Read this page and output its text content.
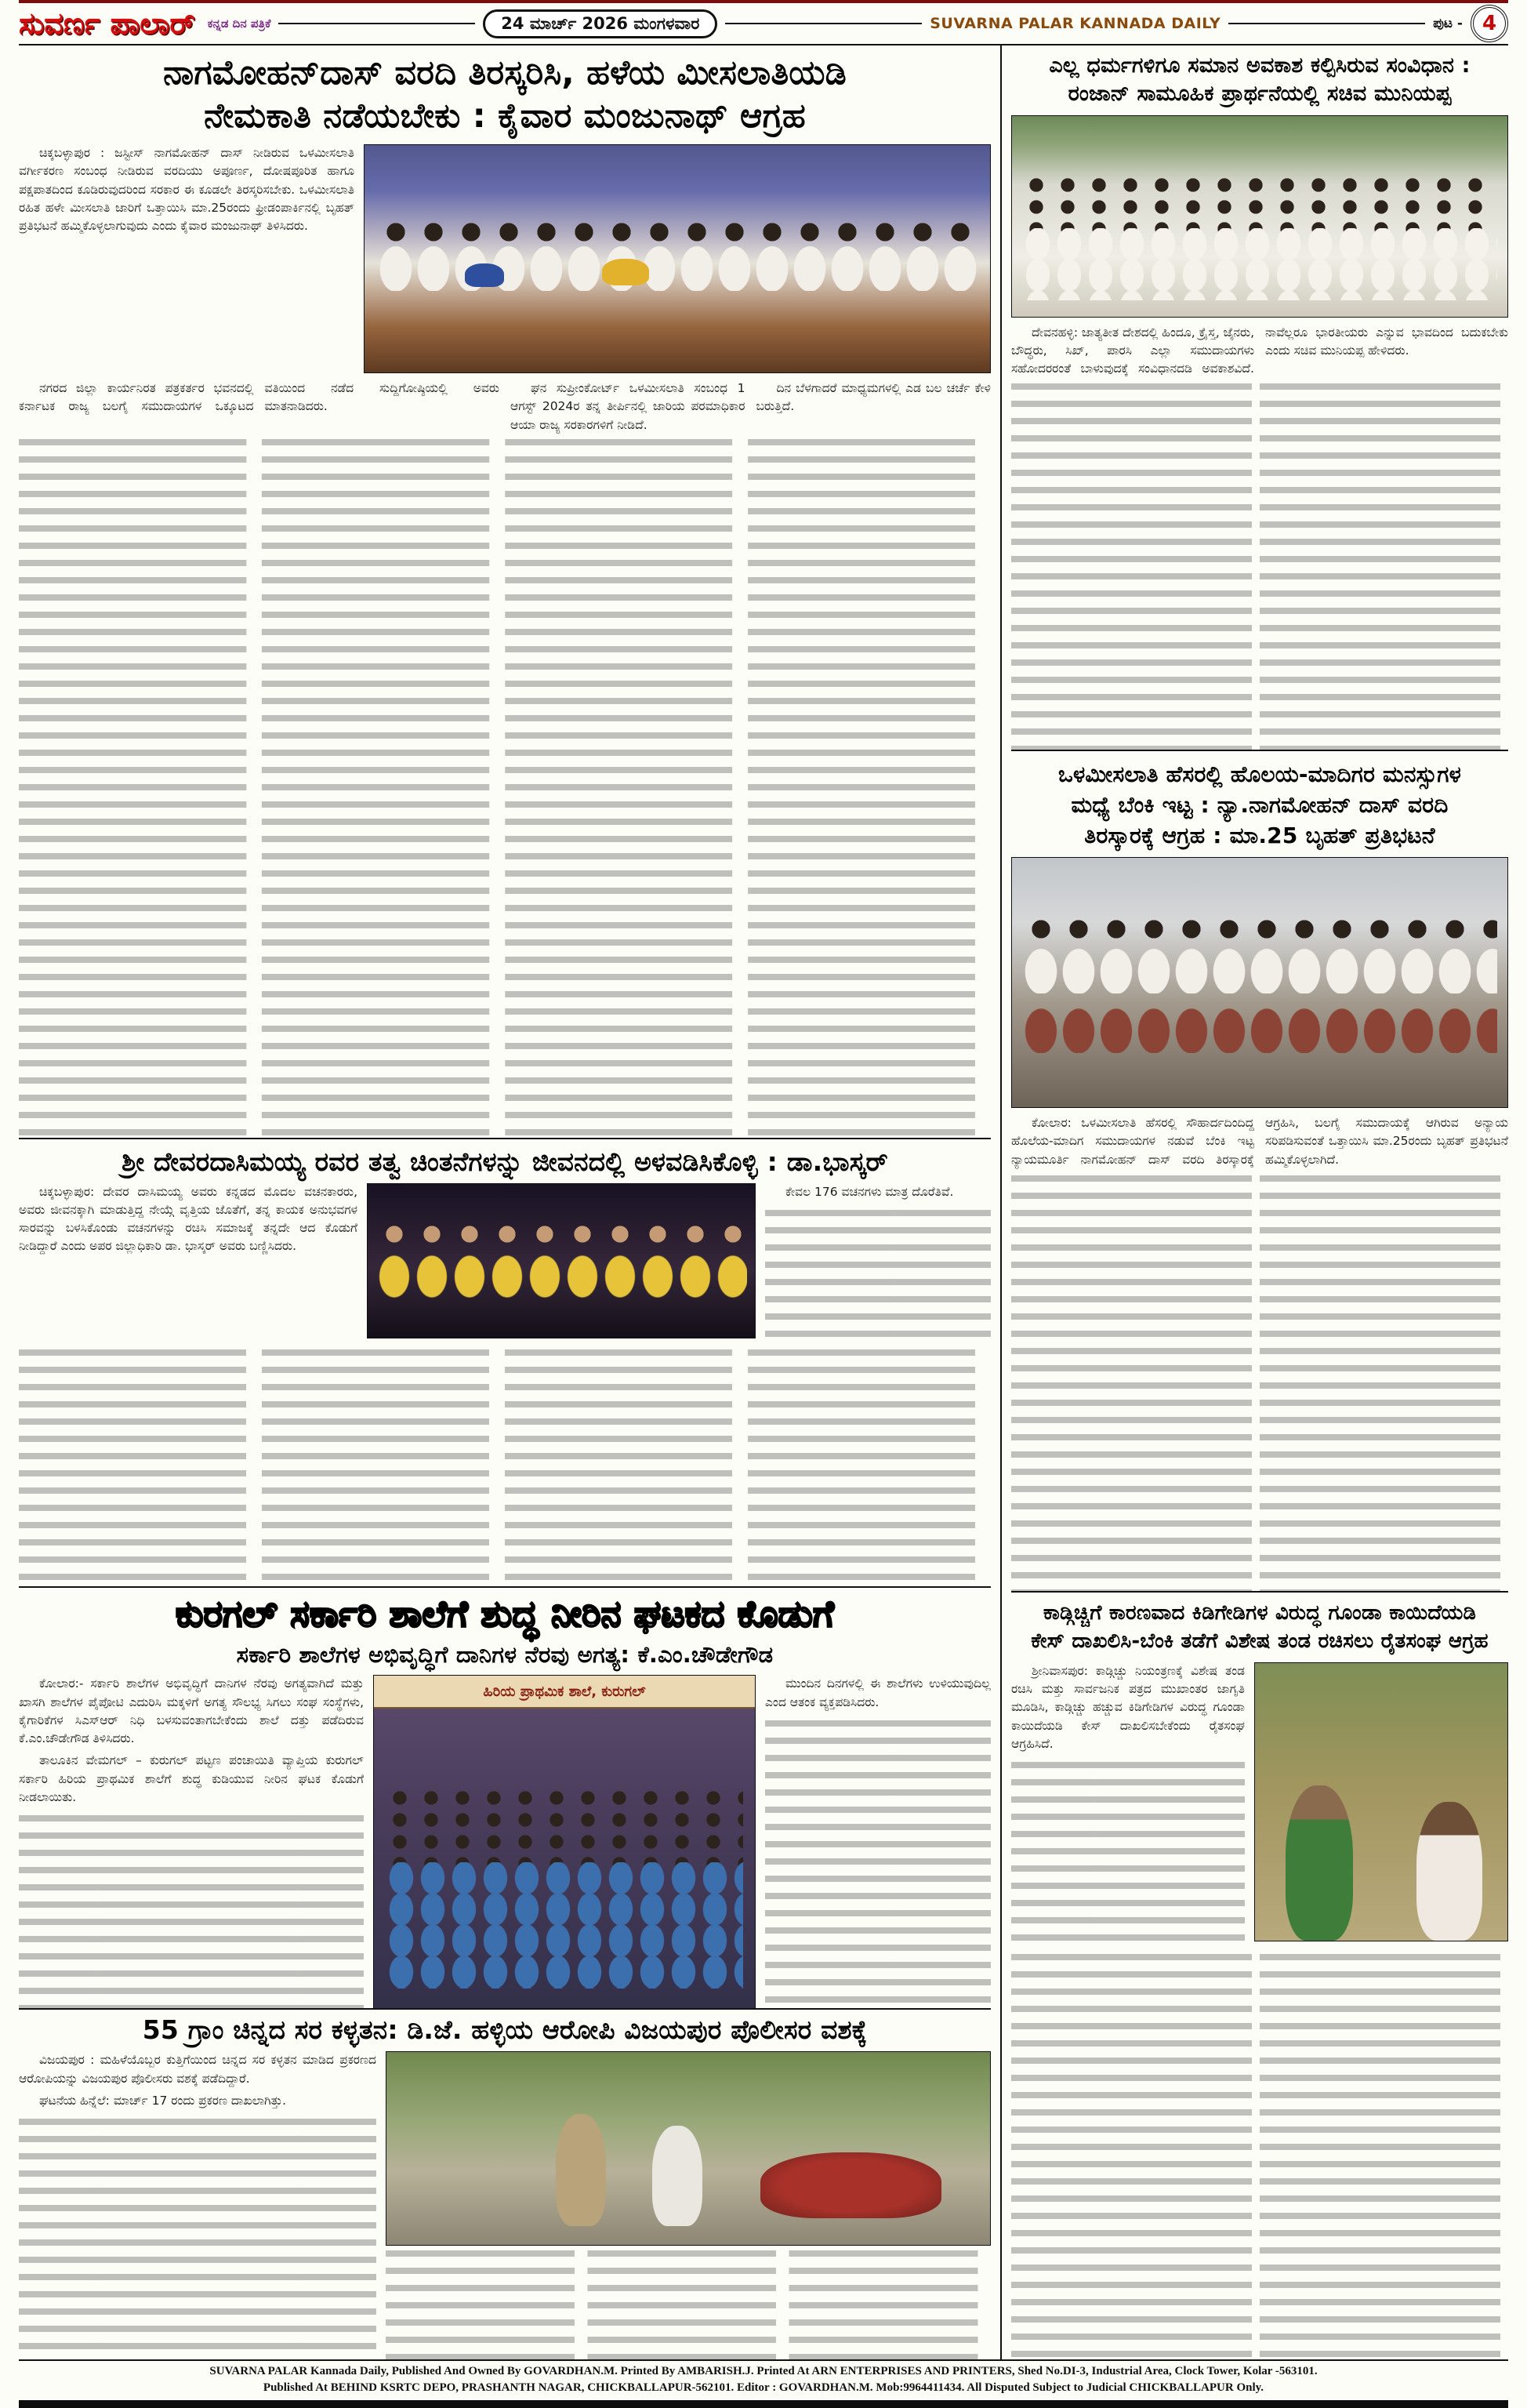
ಸುವರ್ಣ ಪಾಲಾರ್ ಕನ್ನಡ ದಿನ ಪತ್ರಿಕೆ	24 ಮಾರ್ಚ್ 2026 ಮಂಗಳವಾರ	SUVARNA PALAR KANNADA DAILY	ಪುಟ - 4
ನಾಗಮೋಹನ್‌ದಾಸ್ ವರದಿ ತಿರಸ್ಕರಿಸಿ, ಹಳೆಯ ಮೀಸಲಾತಿಯಡಿ
ನೇಮಕಾತಿ ನಡೆಯಬೇಕು : ಕೈವಾರ ಮಂಜುನಾಥ್ ಆಗ್ರಹ

ಚಿಕ್ಕಬಳ್ಳಾಪುರ : ಜಸ್ಟೀಸ್ ನಾಗಮೋಹನ್ ದಾಸ್ ನೀಡಿರುವ ಒಳಮೀಸಲಾತಿ ವರ್ಗೀಕರಣ ಸಂಬಂಧ ನೀಡಿರುವ ವರದಿಯು ಅಪೂರ್ಣ, ದೋಷಪೂರಿತ ಹಾಗೂ ಪಕ್ಷಪಾತದಿಂದ ಕೂಡಿರುವುದರಿಂದ ಸರಕಾರ ಈ ಕೂಡಲೇ ತಿರಸ್ಕರಿಸಬೇಕು. ಒಳಮೀಸಲಾತಿ ರಹಿತ ಹಳೇ ಮೀಸಲಾತಿ ಜಾರಿಗೆ ಒತ್ತಾಯಿಸಿ ಮಾ.25ರಂದು ಫ್ರೀಡಂಪಾರ್ಕಿನಲ್ಲಿ ಬೃಹತ್ ಪ್ರತಿಭಟನೆ ಹಮ್ಮಿಕೊಳ್ಳಲಾಗುವುದು ಎಂದು ಕೈವಾರ ಮಂಜುನಾಥ್ ತಿಳಿಸಿದರು.

ನಗರದ ಜಿಲ್ಲಾ ಕಾರ್ಯನಿರತ ಪತ್ರಕರ್ತರ ಭವನದಲ್ಲಿ ಕರ್ನಾಟಕ ರಾಜ್ಯ ಬಲಗೈ ಸಮುದಾಯಗಳ ಒಕ್ಕೂಟದ ವತಿಯಿಂದ ನಡೆದ ಸುದ್ದಿಗೋಷ್ಠಿಯಲ್ಲಿ ಅವರು ಮಾತನಾಡಿದರು.

ಘನ ಸುಪ್ರೀಂಕೋರ್ಟ್ ಒಳಮೀಸಲಾತಿ ಸಂಬಂಧ 1 ಆಗಸ್ಟ್ 2024ರ ತನ್ನ ತೀರ್ಪಿನಲ್ಲಿ ಜಾರಿಯ ಪರಮಾಧಿಕಾರ ಆಯಾ ರಾಜ್ಯ ಸರಕಾರಗಳಿಗೆ ನೀಡಿದೆ.

ದಿನ ಬೆಳಗಾದರೆ ಮಾಧ್ಯಮಗಳಲ್ಲಿ ಎಡ ಬಲ ಚರ್ಚೆ ಕೇಳಿ ಬರುತ್ತಿದೆ.

ಶ್ರೀ ದೇವರದಾಸಿಮಯ್ಯ ರವರ ತತ್ವ ಚಿಂತನೆಗಳನ್ನು ಜೀವನದಲ್ಲಿ ಅಳವಡಿಸಿಕೊಳ್ಳಿ : ಡಾ.ಭಾಸ್ಕರ್

ಚಿಕ್ಕಬಳ್ಳಾಪುರ: ದೇವರ ದಾಸಿಮಯ್ಯ ಅವರು ಕನ್ನಡದ ಮೊದಲ ವಚನಕಾರರು, ಅವರು ಜೀವನಕ್ಕಾಗಿ ಮಾಡುತ್ತಿದ್ದ ನೇಯ್ಗೆ ವೃತ್ತಿಯ ಜೊತೆಗೆ, ತನ್ನ ಕಾಯಕ ಅನುಭವಗಳ ಸಾರವನ್ನು ಬಳಸಿಕೊಂಡು ವಚನಗಳನ್ನು ರಚಿಸಿ ಸಮಾಜಕ್ಕೆ ತನ್ನದೇ ಆದ ಕೊಡುಗೆ ನೀಡಿದ್ದಾರೆ ಎಂದು ಅಪರ ಜಿಲ್ಲಾಧಿಕಾರಿ ಡಾ. ಭಾಸ್ಕರ್ ಅವರು ಬಣ್ಣಿಸಿದರು.

ಕೇವಲ 176 ವಚನಗಳು ಮಾತ್ರ ದೊರೆತಿವೆ.

ಕುರಗಲ್ ಸರ್ಕಾರಿ ಶಾಲೆಗೆ ಶುದ್ಧ ನೀರಿನ ಘಟಕದ ಕೊಡುಗೆ
ಸರ್ಕಾರಿ ಶಾಲೆಗಳ ಅಭಿವೃದ್ಧಿಗೆ ದಾನಿಗಳ ನೆರವು ಅಗತ್ಯ: ಕೆ.ಎಂ.ಚೌಡೇಗೌಡ

ಕೋಲಾರ:- ಸರ್ಕಾರಿ ಶಾಲೆಗಳ ಅಭಿವೃದ್ಧಿಗೆ ದಾನಿಗಳ ನೆರವು ಅಗತ್ಯವಾಗಿದೆ ಮತ್ತು ಖಾಸಗಿ ಶಾಲೆಗಳ ಪೈಪೋಟಿ ಎದುರಿಸಿ ಮಕ್ಕಳಿಗೆ ಅಗತ್ಯ ಸೌಲಭ್ಯ ಸಿಗಲು ಸಂಘ ಸಂಸ್ಥೆಗಳು, ಕೈಗಾರಿಕೆಗಳ ಸಿಎಸ್‌ಆರ್ ನಿಧಿ ಬಳಸುವಂತಾಗಬೇಕೆಂದು ಶಾಲೆ ದತ್ತು ಪಡೆದಿರುವ ಕೆ.ಎಂ.ಚೌಡೇಗೌಡ ತಿಳಿಸಿದರು.

ತಾಲೂಕಿನ ವೇಮಗಲ್ – ಕುರುಗಲ್ ಪಟ್ಟಣ ಪಂಚಾಯಿತಿ ವ್ಯಾಪ್ತಿಯ ಕುರುಗಲ್ ಸರ್ಕಾರಿ ಹಿರಿಯ ಪ್ರಾಥಮಿಕ ಶಾಲೆಗೆ ಶುದ್ಧ ಕುಡಿಯುವ ನೀರಿನ ಘಟಕ ಕೊಡುಗೆ ನೀಡಲಾಯಿತು.

ಹಿರಿಯ ಪ್ರಾಥಮಿಕ ಶಾಲೆ, ಕುರುಗಲ್	ಮುಂದಿನ ದಿನಗಳಲ್ಲಿ ಈ ಶಾಲೆಗಳು ಉಳಿಯುವುದಿಲ್ಲ ಎಂದ ಆತಂಕ ವ್ಯಕ್ತಪಡಿಸಿದರು.

55 ಗ್ರಾಂ ಚಿನ್ನದ ಸರ ಕಳ್ಳತನ: ಡಿ.ಜೆ. ಹಳ್ಳಿಯ ಆರೋಪಿ ವಿಜಯಪುರ ಪೊಲೀಸರ ವಶಕ್ಕೆ

ವಿಜಯಪುರ : ಮಹಿಳೆಯೊಬ್ಬರ ಕುತ್ತಿಗೆಯಿಂದ ಚಿನ್ನದ ಸರ ಕಳ್ಳತನ ಮಾಡಿದ ಪ್ರಕರಣದ ಆರೋಪಿಯನ್ನು ವಿಜಯಪುರ ಪೊಲೀಸರು ವಶಕ್ಕೆ ಪಡೆದಿದ್ದಾರೆ.

ಘಟನೆಯ ಹಿನ್ನೆಲೆ: ಮಾರ್ಚ್ 17 ರಂದು ಪ್ರಕರಣ ದಾಖಲಾಗಿತ್ತು.

ಎಲ್ಲ ಧರ್ಮಗಳಿಗೂ ಸಮಾನ ಅವಕಾಶ ಕಲ್ಪಿಸಿರುವ ಸಂವಿಧಾನ :
ರಂಜಾನ್ ಸಾಮೂಹಿಕ ಪ್ರಾರ್ಥನೆಯಲ್ಲಿ ಸಚಿವ ಮುನಿಯಪ್ಪ

ದೇವನಹಳ್ಳಿ: ಜಾತ್ಯತೀತ ದೇಶದಲ್ಲಿ ಹಿಂದೂ, ಕ್ರೈಸ್ತ, ಜೈನರು, ಬೌದ್ಧರು, ಸಿಖ್, ಪಾರಸಿ ಎಲ್ಲಾ ಸಮುದಾಯಗಳು ಸಹೋದರರಂತೆ ಬಾಳುವುದಕ್ಕೆ ಸಂವಿಧಾನದಡಿ ಅವಕಾಶವಿದೆ. ನಾವೆಲ್ಲರೂ ಭಾರತೀಯರು ಎನ್ನುವ ಭಾವದಿಂದ ಬದುಕಬೇಕು ಎಂದು ಸಚಿವ ಮುನಿಯಪ್ಪ ಹೇಳಿದರು.

ಒಳಮೀಸಲಾತಿ ಹೆಸರಲ್ಲಿ ಹೊಲಯ-ಮಾದಿಗರ ಮನಸ್ಸುಗಳ
ಮಧ್ಯೆ ಬೆಂಕಿ ಇಟ್ಟ : ನ್ಯಾ.ನಾಗಮೋಹನ್ ದಾಸ್ ವರದಿ
ತಿರಸ್ಕಾರಕ್ಕೆ ಆಗ್ರಹ : ಮಾ.25 ಬೃಹತ್ ಪ್ರತಿಭಟನೆ

ಕೋಲಾರ: ಒಳಮೀಸಲಾತಿ ಹೆಸರಲ್ಲಿ ಸೌಹಾರ್ದದಿಂದಿದ್ದ ಹೊಲೆಯ-ಮಾದಿಗ ಸಮುದಾಯಗಳ ನಡುವೆ ಬೆಂಕಿ ಇಟ್ಟ ನ್ಯಾಯಮೂರ್ತಿ ನಾಗಮೋಹನ್ ದಾಸ್ ವರದಿ ತಿರಸ್ಕಾರಕ್ಕೆ ಆಗ್ರಹಿಸಿ, ಬಲಗೈ ಸಮುದಾಯಕ್ಕೆ ಆಗಿರುವ ಅನ್ಯಾಯ ಸರಿಪಡಿಸುವಂತೆ ಒತ್ತಾಯಿಸಿ ಮಾ.25ರಂದು ಬೃಹತ್ ಪ್ರತಿಭಟನೆ ಹಮ್ಮಿಕೊಳ್ಳಲಾಗಿದೆ.

ಕಾಡ್ಗಿಚ್ಚಿಗೆ ಕಾರಣವಾದ ಕಿಡಿಗೇಡಿಗಳ ವಿರುದ್ಧ ಗೂಂಡಾ ಕಾಯಿದೆಯಡಿ
ಕೇಸ್ ದಾಖಲಿಸಿ-ಬೆಂಕಿ ತಡೆಗೆ ವಿಶೇಷ ತಂಡ ರಚಿಸಲು ರೈತಸಂಘ ಆಗ್ರಹ

ಶ್ರೀನಿವಾಸಪುರ: ಕಾಡ್ಗಿಚ್ಚು ನಿಯಂತ್ರಣಕ್ಕೆ ವಿಶೇಷ ತಂಡ ರಚಿಸಿ ಮತ್ತು ಸಾರ್ವಜನಿಕ ಪತ್ರದ ಮುಖಾಂತರ ಜಾಗೃತಿ ಮೂಡಿಸಿ, ಕಾಡ್ಗಿಚ್ಚು ಹಚ್ಚುವ ಕಿಡಿಗೇಡಿಗಳ ವಿರುದ್ಧ ಗೂಂಡಾ ಕಾಯಿದೆಯಡಿ ಕೇಸ್ ದಾಖಲಿಸಬೇಕೆಂದು ರೈತಸಂಘ ಆಗ್ರಹಿಸಿದೆ.

SUVARNA PALAR Kannada Daily, Published And Owned By GOVARDHAN.M. Printed By AMBARISH.J. Printed At ARN ENTERPRISES AND PRINTERS, Shed No.DI-3, Industrial Area, Clock Tower, Kolar -563101.
Published At BEHIND KSRTC DEPO, PRASHANTH NAGAR, CHICKBALLAPUR-562101. Editor : GOVARDHAN.M. Mob:9964411434. All Disputed Subject to Judicial CHICKBALLAPUR Only.
